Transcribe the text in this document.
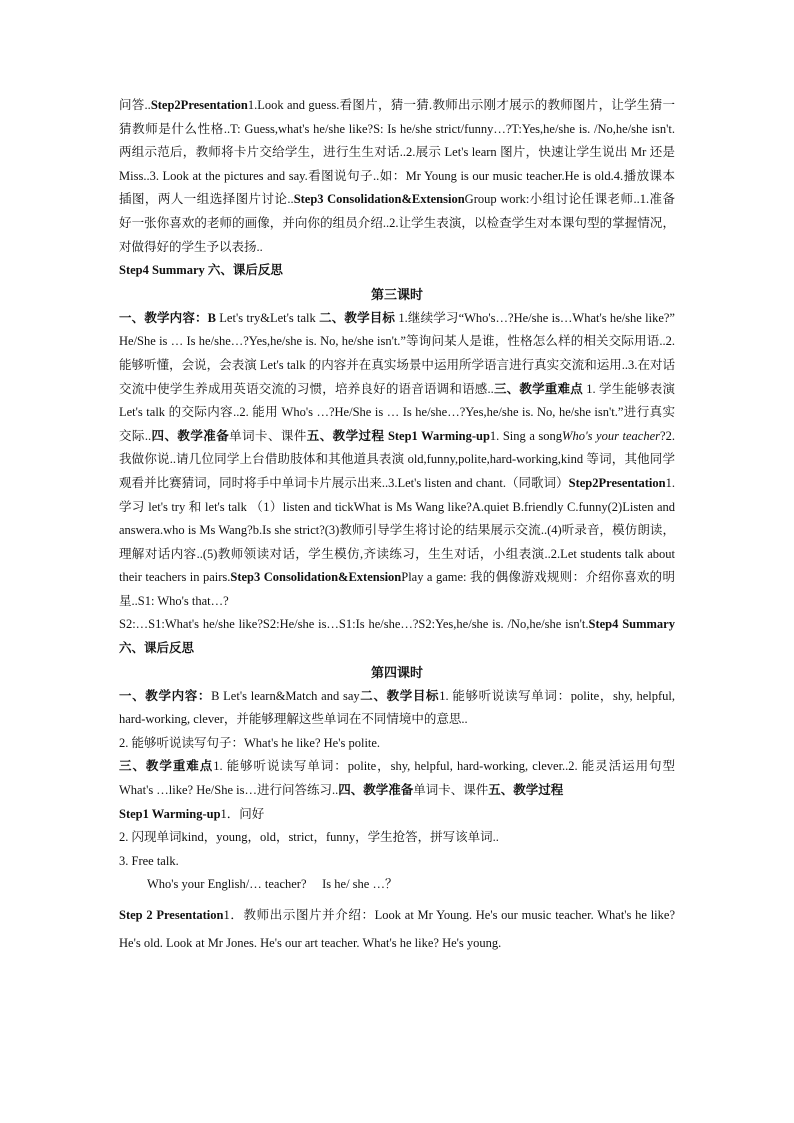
问答..Step2Presentation1.Look and guess.看图片，猜一猜.教师出示刚才展示的教师图片，让学生猜一猜教师是什么性格..T: Guess,what's he/she like?S: Is he/she strict/funny…?T:Yes,he/she is. /No,he/she isn't.两组示范后，教师将卡片交给学生，进行生生对话..2.展示 Let's learn 图片，快速让学生说出 Mr 还是 Miss..3. Look at the pictures and say.看图说句子..如：Mr Young is our music teacher.He is old.4.播放课本插图，两人一组选择图片讨论..Step3 Consolidation&ExtensionGroup work:小组讨论任课老师..1.准备好一张你喜欢的老师的画像，并向你的组员介绍..2.让学生表演，以检查学生对本课句型的掌握情况，对做得好的学生予以表扬..

Step4 Summary 六、课后反思

第三课时

一、教学内容：B Let's try&Let's talk 二、教学目标 1.继续学习“Who's…?He/she is…What's he/she like?” He/She is … Is he/she…?Yes,he/she is. No, he/she isn't.”等询问某人是谁，性格怎么样的相关交际用语..2.能够听懂，会说，会表演 Let's talk 的内容并在真实场景中运用所学语言进行真实交流和运用..3.在对话交流中使学生养成用英语交流的习惯，培养良好的语音语调和语感..三、教学重难点 1. 学生能够表演 Let's talk 的交际内容..2. 能用 Who's …?He/She is … Is he/she…?Yes,he/she is. No, he/she isn't.”进行真实交际..四、教学准备单词卡、课件五、教学过程 Step1 Warming-up1. Sing a songWho's your teacher?2.我做你说..请几位同学上台借助肢体和其他道具表演 old,funny,polite,hard-working,kind 等词，其他同学观看并比赛猜词，同时将手中单词卡片展示出来..3.Let's listen and chant.（同歌词）Step2Presentation1. 学习 let's try 和 let's talk （1）listen and tickWhat is Ms Wang like?A.quiet B.friendly C.funny(2)Listen and answera.who is Ms Wang?b.Is she strict?(3)教师引导学生将讨论的结果展示交流..(4)听录音，模仿朗读，理解对话内容..(5)教师领读对话，学生模仿,齐读练习，生生对话，小组表演..2.Let students talk about their teachers in pairs.Step3 Consolidation&ExtensionPlay a game: 我的偶像游戏规则：介绍你喜欢的明星..S1: Who's that…?

S2:…S1:What's he/she like?S2:He/she is…S1:Is he/she…?S2:Yes,he/she is. /No,he/she isn't.Step4 Summary 六、课后反思

第四课时

一、教学内容：B Let's learn&Match and say二、教学目标1. 能够听说读写单词：polite，shy, helpful, hard-working, clever，并能够理解这些单词在不同情境中的意思..

2. 能够听说读写句子：What's he like? He's polite.

三、教学重难点1. 能够听说读写单词：polite，shy, helpful, hard-working, clever..2. 能灵活运用句型What's …like? He/She is…进行问答练习..四、教学准备单词卡、课件五、教学过程

Step1 Warming-up1．问好

2. 闪现单词kind，young，old，strict，funny，学生抢答，拼写该单词..

3. Free talk.

Who's your English/… teacher?     Is he/ she …？

Step 2 Presentation1．教师出示图片并介绍：Look at Mr Young. He's our music teacher. What's he like? He's old. Look at Mr Jones. He's our art teacher. What's he like? He's young.
